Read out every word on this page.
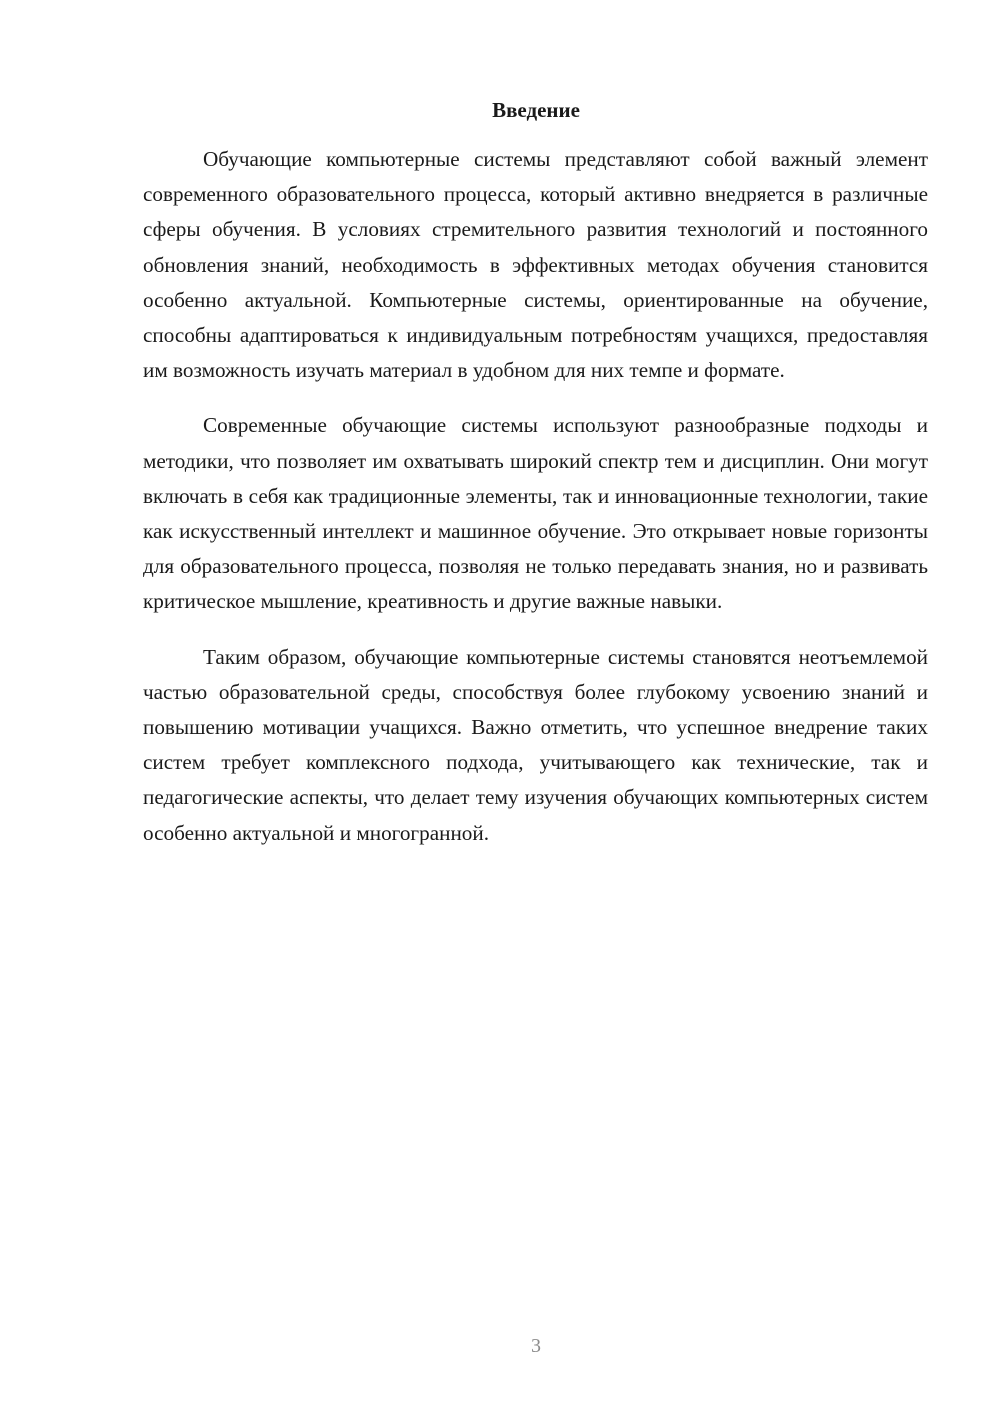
Введение

Обучающие компьютерные системы представляют собой важный элемент современного образовательного процесса, который активно внедряется в различные сферы обучения. В условиях стремительного развития технологий и постоянного обновления знаний, необходимость в эффективных методах обучения становится особенно актуальной. Компьютерные системы, ориентированные на обучение, способны адаптироваться к индивидуальным потребностям учащихся, предоставляя им возможность изучать материал в удобном для них темпе и формате.

Современные обучающие системы используют разнообразные подходы и методики, что позволяет им охватывать широкий спектр тем и дисциплин. Они могут включать в себя как традиционные элементы, так и инновационные технологии, такие как искусственный интеллект и машинное обучение. Это открывает новые горизонты для образовательного процесса, позволяя не только передавать знания, но и развивать критическое мышление, креативность и другие важные навыки.

Таким образом, обучающие компьютерные системы становятся неотъемлемой частью образовательной среды, способствуя более глубокому усвоению знаний и повышению мотивации учащихся. Важно отметить, что успешное внедрение таких систем требует комплексного подхода, учитывающего как технические, так и педагогические аспекты, что делает тему изучения обучающих компьютерных систем особенно актуальной и многогранной.

3
